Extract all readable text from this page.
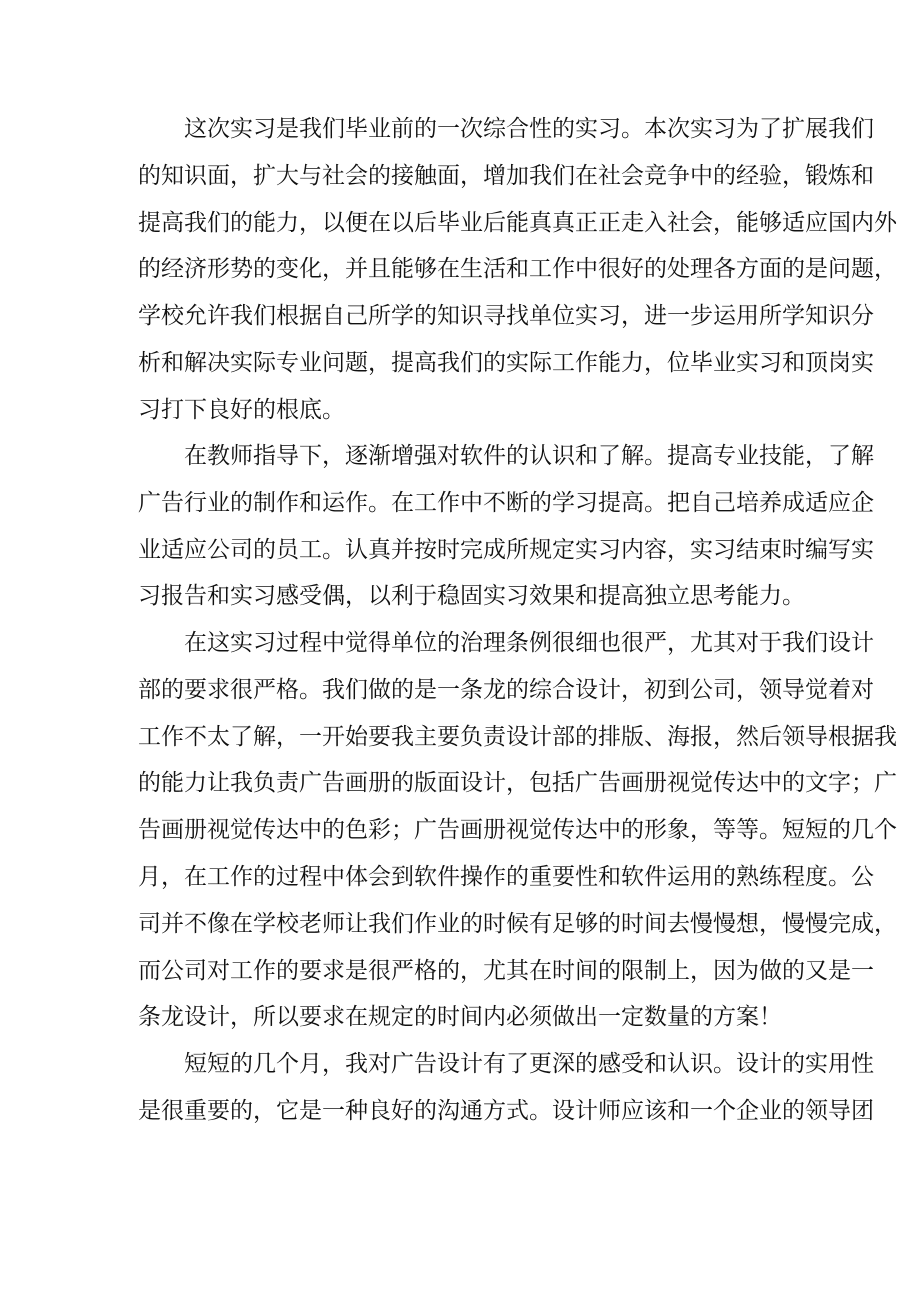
这次实习是我们毕业前的一次综合性的实习。本次实习为了扩展我们
的知识面，扩大与社会的接触面，增加我们在社会竞争中的经验，锻炼和
提高我们的能力，以便在以后毕业后能真真正正走入社会，能够适应国内外
的经济形势的变化，并且能够在生活和工作中很好的处理各方面的是问题，
学校允许我们根据自己所学的知识寻找单位实习，进一步运用所学知识分
析和解决实际专业问题，提高我们的实际工作能力，位毕业实习和顶岗实
习打下良好的根底。

在教师指导下，逐渐增强对软件的认识和了解。提高专业技能，了解
广告行业的制作和运作。在工作中不断的学习提高。把自己培养成适应企
业适应公司的员工。认真并按时完成所规定实习内容，实习结束时编写实
习报告和实习感受偶，以利于稳固实习效果和提高独立思考能力。

在这实习过程中觉得单位的治理条例很细也很严，尤其对于我们设计
部的要求很严格。我们做的是一条龙的综合设计，初到公司，领导觉着对
工作不太了解，一开始要我主要负责设计部的排版、海报，然后领导根据我
的能力让我负责广告画册的版面设计，包括广告画册视觉传达中的文字；广
告画册视觉传达中的色彩；广告画册视觉传达中的形象，等等。短短的几个
月，在工作的过程中体会到软件操作的重要性和软件运用的熟练程度。公
司并不像在学校老师让我们作业的时候有足够的时间去慢慢想，慢慢完成，
而公司对工作的要求是很严格的，尤其在时间的限制上，因为做的又是一
条龙设计，所以要求在规定的时间内必须做出一定数量的方案！

短短的几个月，我对广告设计有了更深的感受和认识。设计的实用性
是很重要的，它是一种良好的沟通方式。设计师应该和一个企业的领导团
